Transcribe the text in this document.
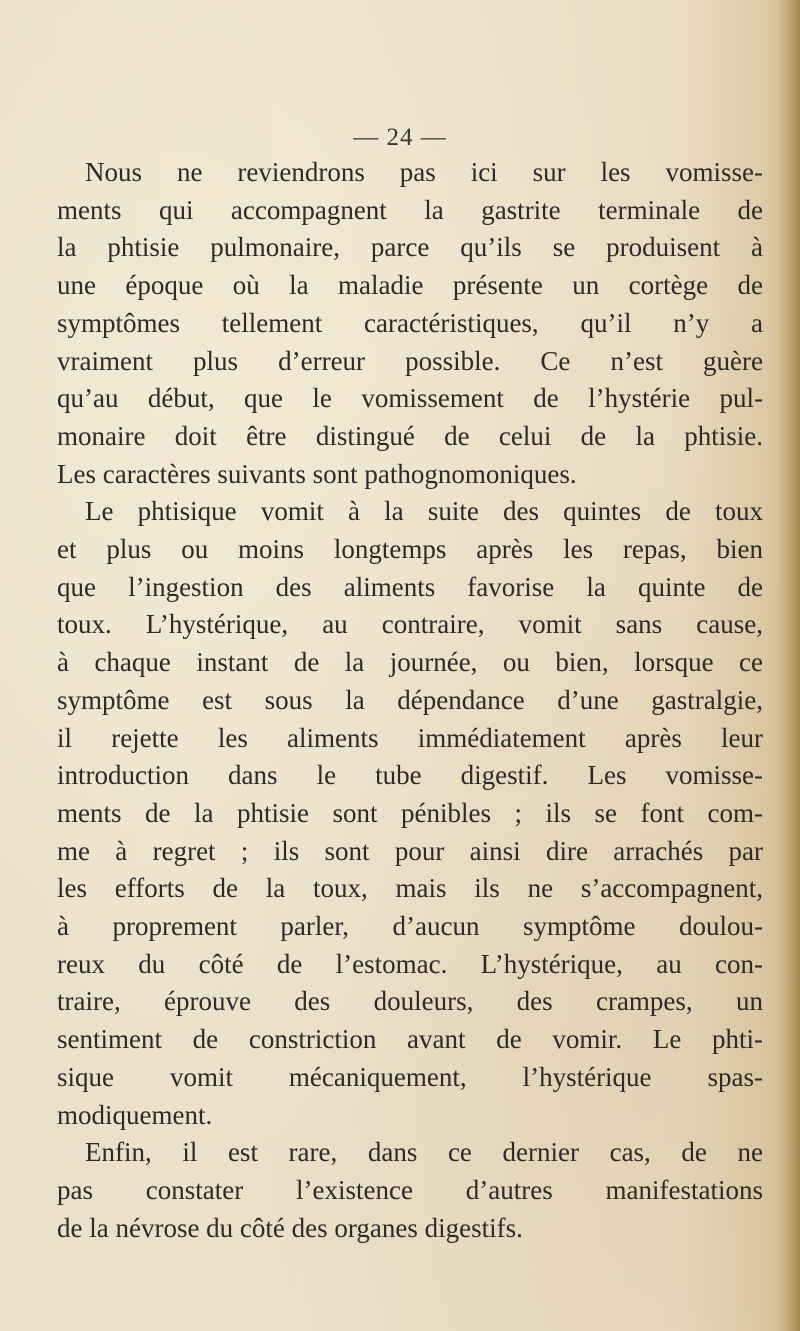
— 24 —
Nous ne reviendrons pas ici sur les vomisse-
ments qui accompagnent la gastrite terminale de
la phtisie pulmonaire, parce qu’ils se produisent à
une époque où la maladie présente un cortège de
symptômes tellement caractéristiques, qu’il n’y a
vraiment plus d’erreur possible. Ce n’est guère
qu’au début, que le vomissement de l’hystérie pul-
monaire doit être distingué de celui de la phtisie.
Les caractères suivants sont pathognomoniques.
Le phtisique vomit à la suite des quintes de toux
et plus ou moins longtemps après les repas, bien
que l’ingestion des aliments favorise la quinte de
toux. L’hystérique, au contraire, vomit sans cause,
à chaque instant de la journée, ou bien, lorsque ce
symptôme est sous la dépendance d’une gastralgie,
il rejette les aliments immédiatement après leur
introduction dans le tube digestif. Les vomisse-
ments de la phtisie sont pénibles ; ils se font com-
me à regret ; ils sont pour ainsi dire arrachés par
les efforts de la toux, mais ils ne s’accompagnent,
à proprement parler, d’aucun symptôme doulou-
reux du côté de l’estomac. L’hystérique, au con-
traire, éprouve des douleurs, des crampes, un
sentiment de constriction avant de vomir. Le phti-
sique vomit mécaniquement, l’hystérique spas-
modiquement.
Enfin, il est rare, dans ce dernier cas, de ne
pas constater l’existence d’autres manifestations
de la névrose du côté des organes digestifs.
